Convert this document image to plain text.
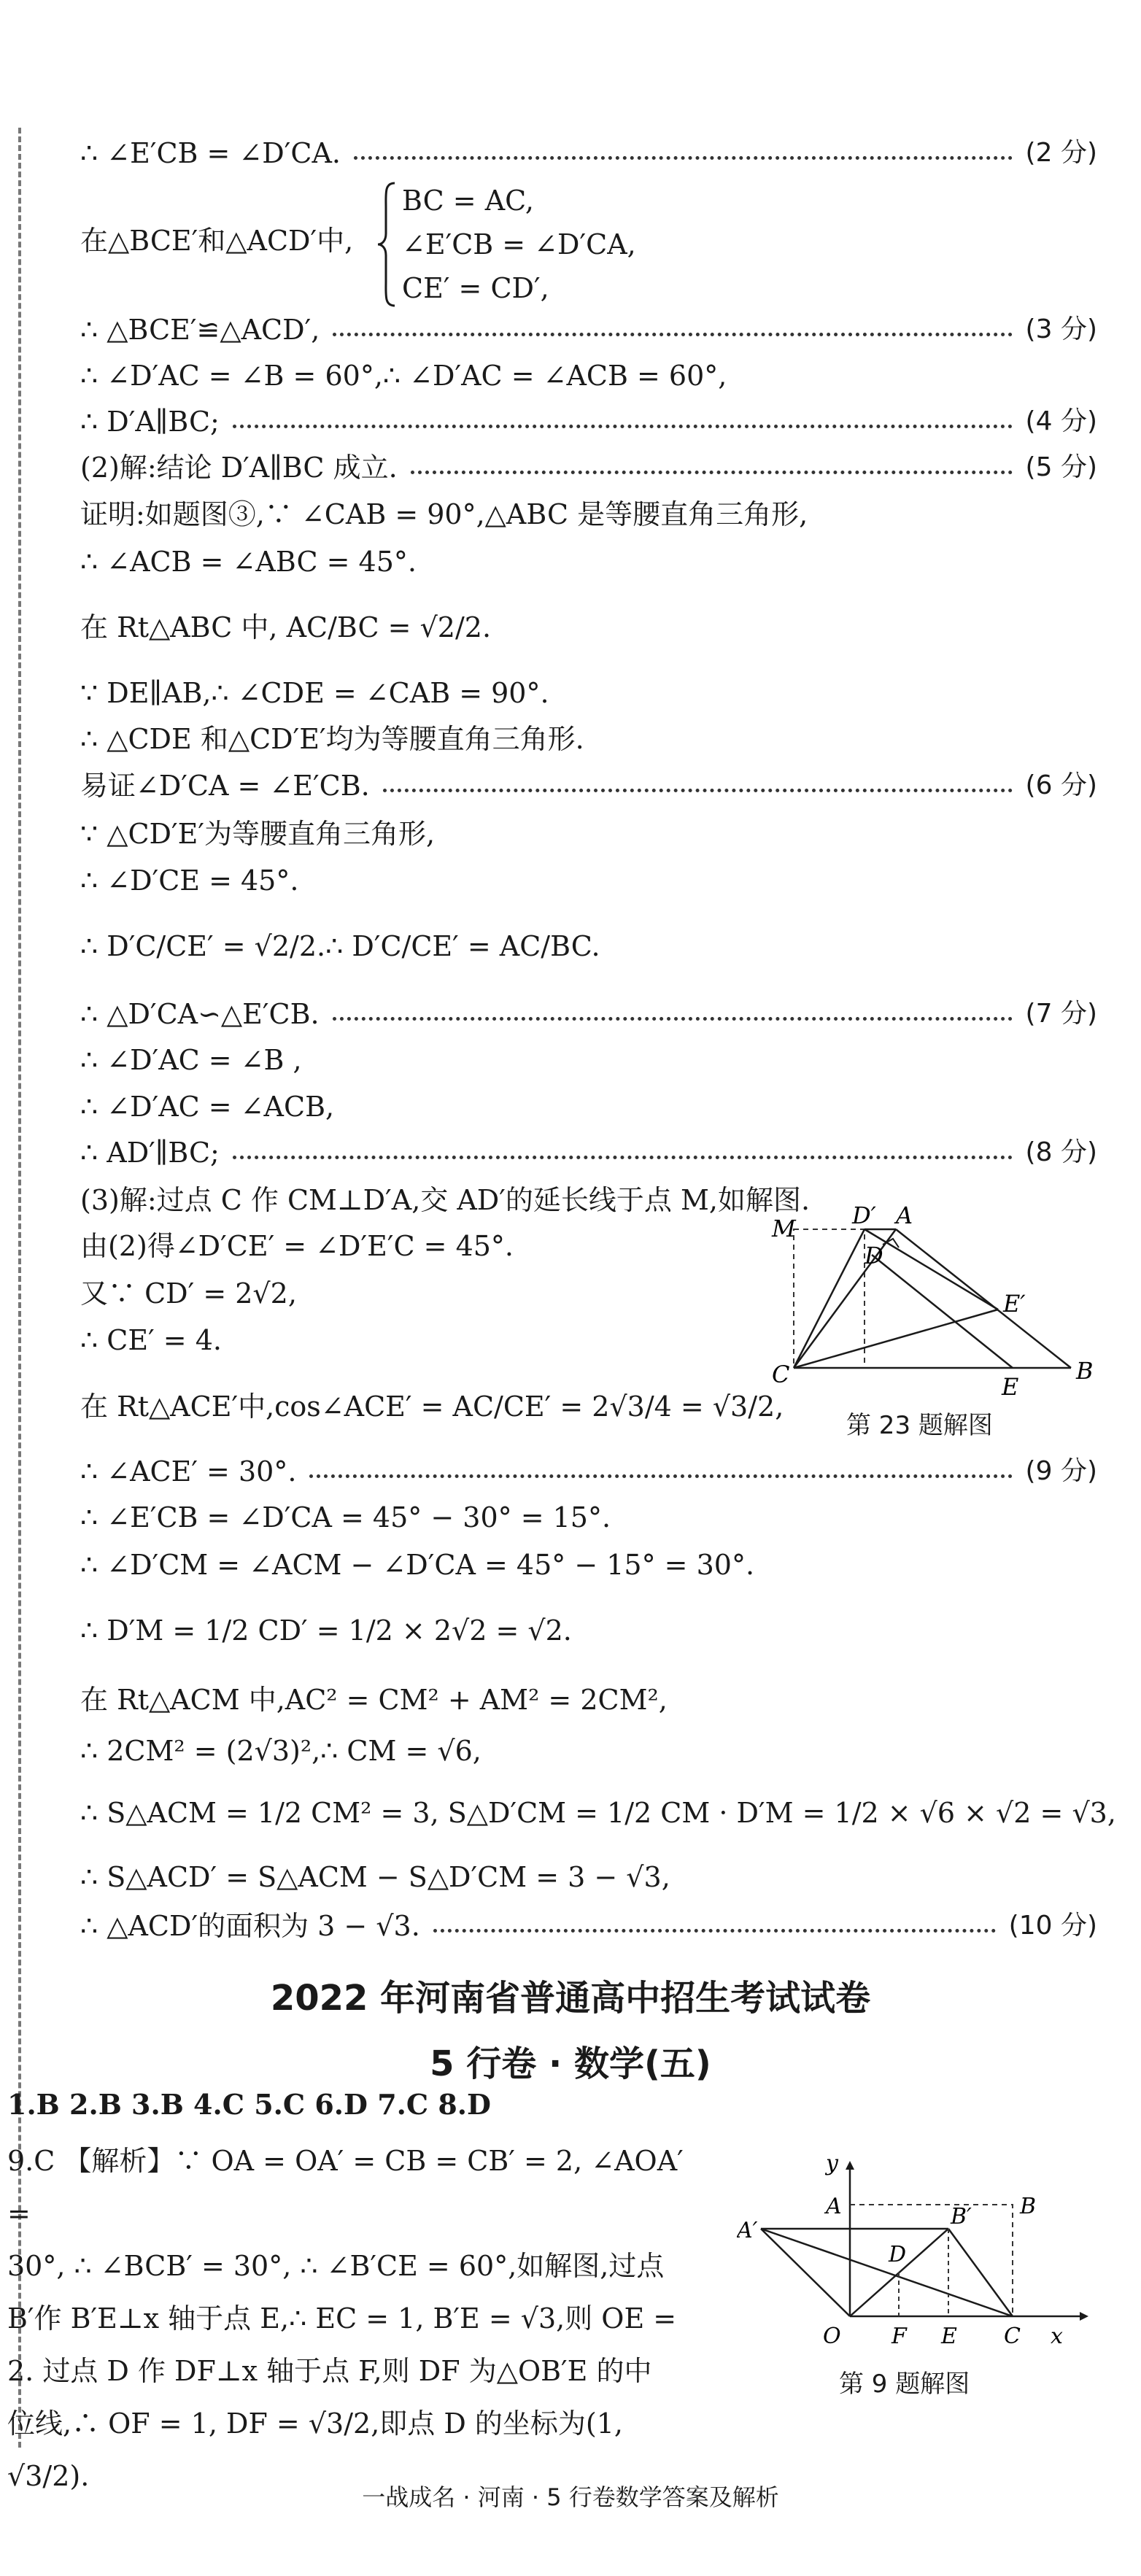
∴ ∠E′CB = ∠D′CA.	(2 分)
在△BCE′和△ACD′中,
BC = AC,
∠E′CB = ∠D′CA,
CE′ = CD′,
∴ △BCE′≌△ACD′,	(3 分)
∴ ∠D′AC = ∠B = 60°,∴ ∠D′AC = ∠ACB = 60°,
∴ D′A∥BC;	(4 分)
(2)解:结论 D′A∥BC 成立.	(5 分)
证明:如题图③,∵ ∠CAB = 90°,△ABC 是等腰直角三角形,
∴ ∠ACB = ∠ABC = 45°.
在 Rt△ABC 中, AC/BC = √2/2.
∵ DE∥AB,∴ ∠CDE = ∠CAB = 90°.
∴ △CDE 和△CD′E′均为等腰直角三角形.
易证∠D′CA = ∠E′CB.	(6 分)
∵ △CD′E′为等腰直角三角形,
∴ ∠D′CE = 45°.
∴ D′C/CE′ = √2/2.∴ D′C/CE′ = AC/BC.
∴ △D′CA∽△E′CB.	(7 分)
∴ ∠D′AC = ∠B ,
∴ ∠D′AC = ∠ACB,
∴ AD′∥BC;	(8 分)
(3)解:过点 C 作 CM⊥D′A,交 AD′的延长线于点 M,如解图.
由(2)得∠D′CE′ = ∠D′E′C = 45°.
又∵ CD′ = 2√2,
∴ CE′ = 4.
在 Rt△ACE′中,cos∠ACE′ = AC/CE′ = 2√3/4 = √3/2,
∴ ∠ACE′ = 30°.	(9 分)
∴ ∠E′CB = ∠D′CA = 45° − 30° = 15°.
∴ ∠D′CM = ∠ACM − ∠D′CA = 45° − 15° = 30°.
∴ D′M = 1/2 CD′ = 1/2 × 2√2 = √2.
在 Rt△ACM 中,AC² = CM² + AM² = 2CM²,
∴ 2CM² = (2√3)²,∴ CM = √6,
∴ S△ACM = 1/2 CM² = 3, S△D′CM = 1/2 CM · D′M = 1/2 × √6 × √2 = √3,
∴ S△ACD′ = S△ACM − S△D′CM = 3 − √3,
∴ △ACD′的面积为 3 − √3.	(10 分)
M D′ A
D
E′
C	E
B
第 23 题解图
2022 年河南省普通高中招生考试试卷
5 行卷 · 数学(五)
1.B 2.B 3.B 4.C 5.C 6.D 7.C 8.D
9.C 【解析】∵ OA = OA′ = CB = CB′ = 2, ∠AOA′ =
30°, ∴ ∠BCB′ = 30°, ∴ ∠B′CE = 60°,如解图,过点
B′作 B′E⊥x 轴于点 E,∴ EC = 1, B′E = √3,则 OE =
2. 过点 D 作 DF⊥x 轴于点 F,则 DF 为△OB′E 的中
位线,∴ OF = 1, DF = √3/2,即点 D 的坐标为(1, √3/2).
y
A	B
A′
B′
D
O F E C x
第 9 题解图
一战成名 · 河南 · 5 行卷数学答案及解析
